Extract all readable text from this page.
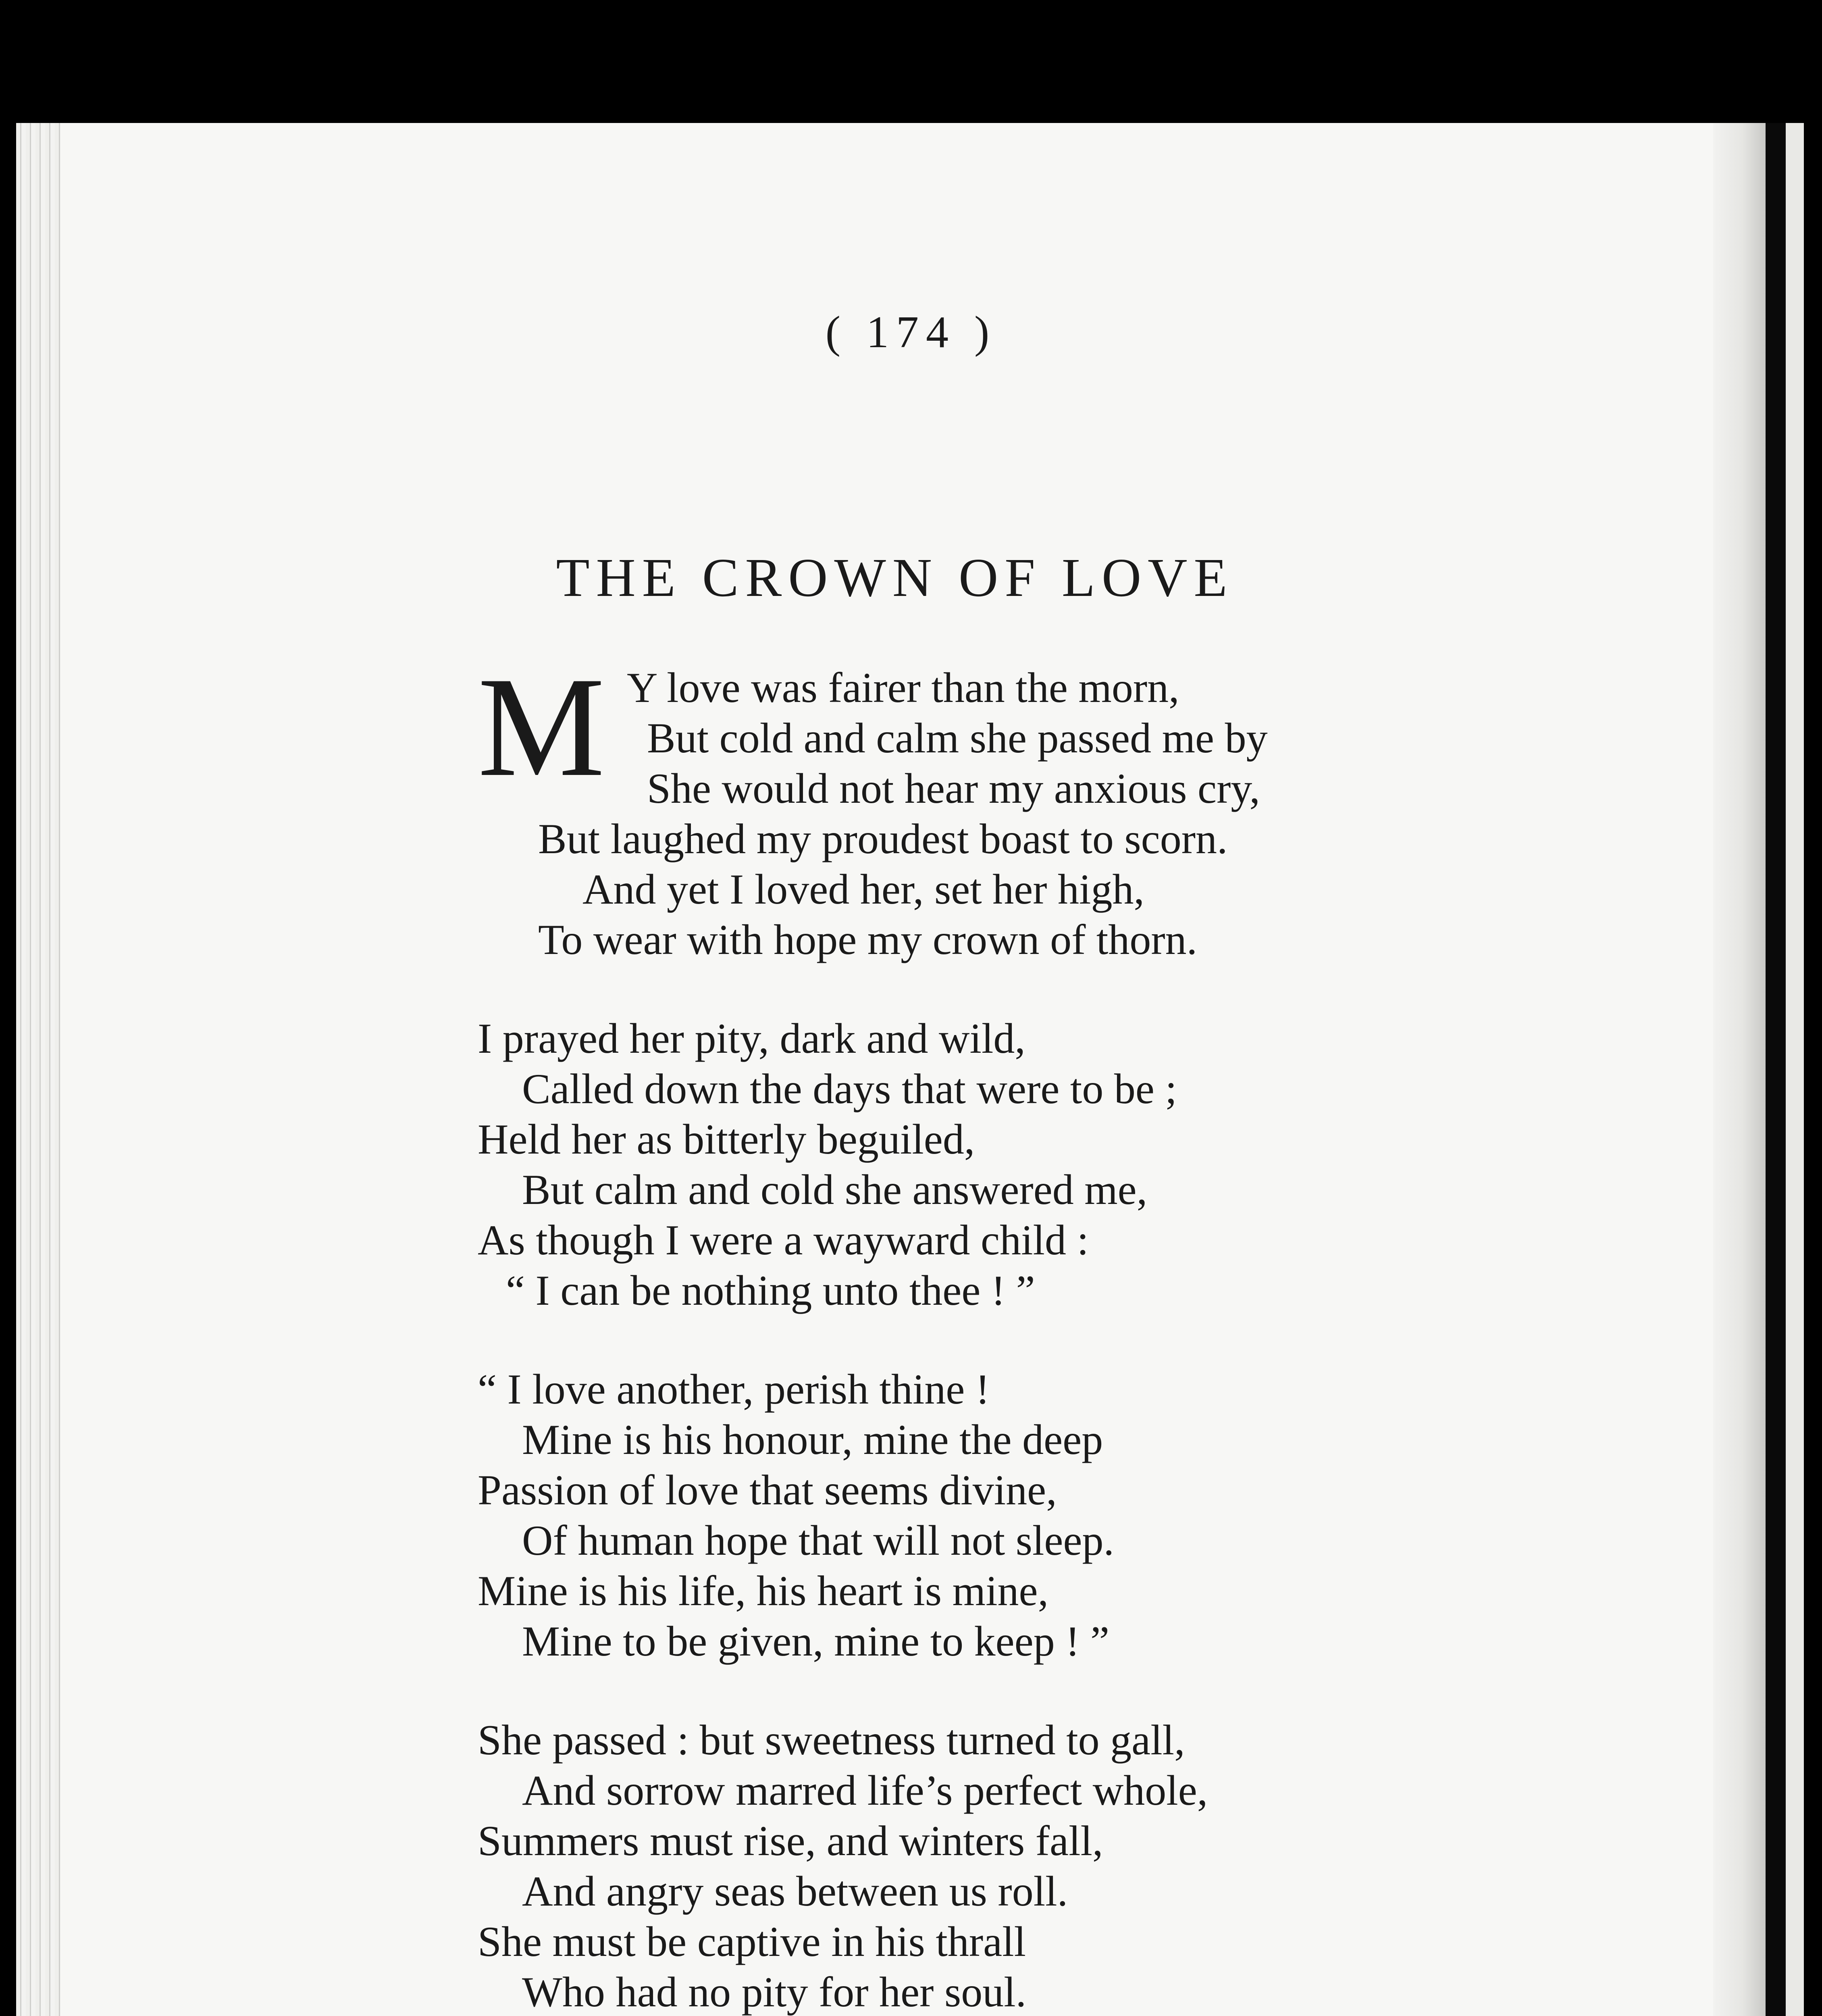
( 174 )
THE CROWN OF LOVE
M Y love was fairer than the morn,
But cold and calm she passed me by
She would not hear my anxious cry,
But laughed my proudest boast to scorn.
And yet I loved her, set her high,
To wear with hope my crown of thorn.
I prayed her pity, dark and wild,
Called down the days that were to be ;
Held her as bitterly beguiled,
But calm and cold she answered me,
As though I were a wayward child :
“ I can be nothing unto thee ! ”
“ I love another, perish thine !
Mine is his honour, mine the deep
Passion of love that seems divine,
Of human hope that will not sleep.
Mine is his life, his heart is mine,
Mine to be given, mine to keep ! ”
She passed : but sweetness turned to gall,
And sorrow marred life’s perfect whole,
Summers must rise, and winters fall,
And angry seas between us roll.
She must be captive in his thrall
Who had no pity for her soul.
